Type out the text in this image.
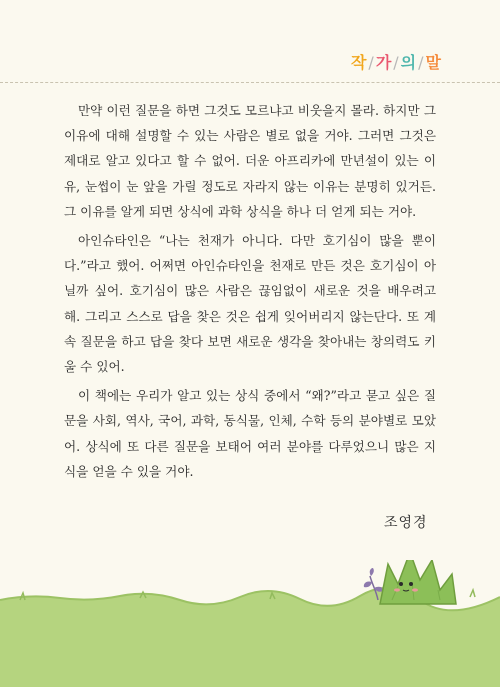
작/가/의/말

만약 이런 질문을 하면 그것도 모르냐고 비웃을지 몰라. 하지만 그 이유에 대해 설명할 수 있는 사람은 별로 없을 거야. 그러면 그것은 제대로 알고 있다고 할 수 없어. 더운 아프리카에 만년설이 있는 이유, 눈썹이 눈 앞을 가릴 정도로 자라지 않는 이유는 분명히 있거든. 그 이유를 알게 되면 상식에 과학 상식을 하나 더 얻게 되는 거야.

아인슈타인은 “나는 천재가 아니다. 다만 호기심이 많을 뿐이다.”라고 했어. 어쩌면 아인슈타인을 천재로 만든 것은 호기심이 아닐까 싶어. 호기심이 많은 사람은 끊임없이 새로운 것을 배우려고 해. 그리고 스스로 답을 찾은 것은 쉽게 잊어버리지 않는단다. 또 계속 질문을 하고 답을 찾다 보면 새로운 생각을 찾아내는 창의력도 키울 수 있어.

이 책에는 우리가 알고 있는 상식 중에서 “왜?”라고 묻고 싶은 질문을 사회, 역사, 국어, 과학, 동식물, 인체, 수학 등의 분야별로 모았어. 상식에 또 다른 질문을 보태어 여러 분야를 다루었으니 많은 지식을 얻을 수 있을 거야.

조영경
